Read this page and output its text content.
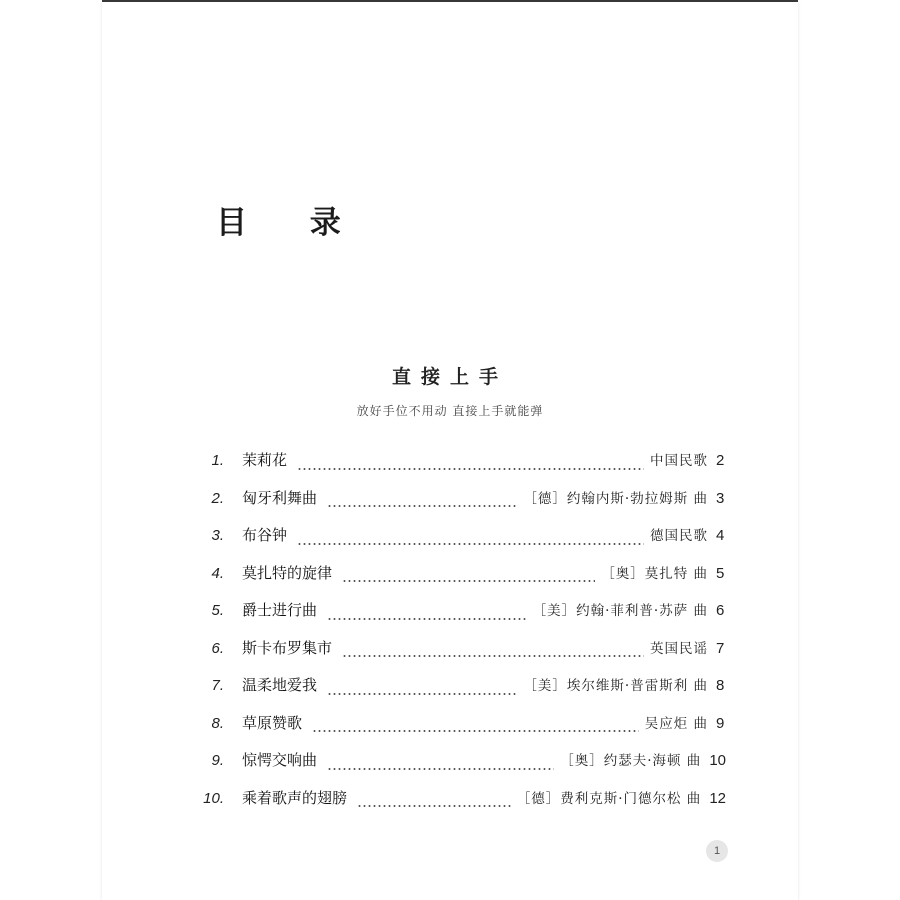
目 录
直接上手
放好手位不用动 直接上手就能弹
1.	茉莉花	中国民歌 2
2.	匈牙利舞曲	［德］约翰内斯·勃拉姆斯 曲 3
3.	布谷钟	德国民歌 4
4.	莫扎特的旋律	［奥］莫扎特 曲 5
5.	爵士进行曲	［美］约翰·菲利普·苏萨 曲 6
6.	斯卡布罗集市	英国民谣 7
7.	温柔地爱我	［美］埃尔维斯·普雷斯利 曲 8
8.	草原赞歌	吴应炬 曲 9
9.	惊愕交响曲	［奥］约瑟夫·海顿 曲 10
10.	乘着歌声的翅膀	［德］费利克斯·门德尔松 曲 12
1
